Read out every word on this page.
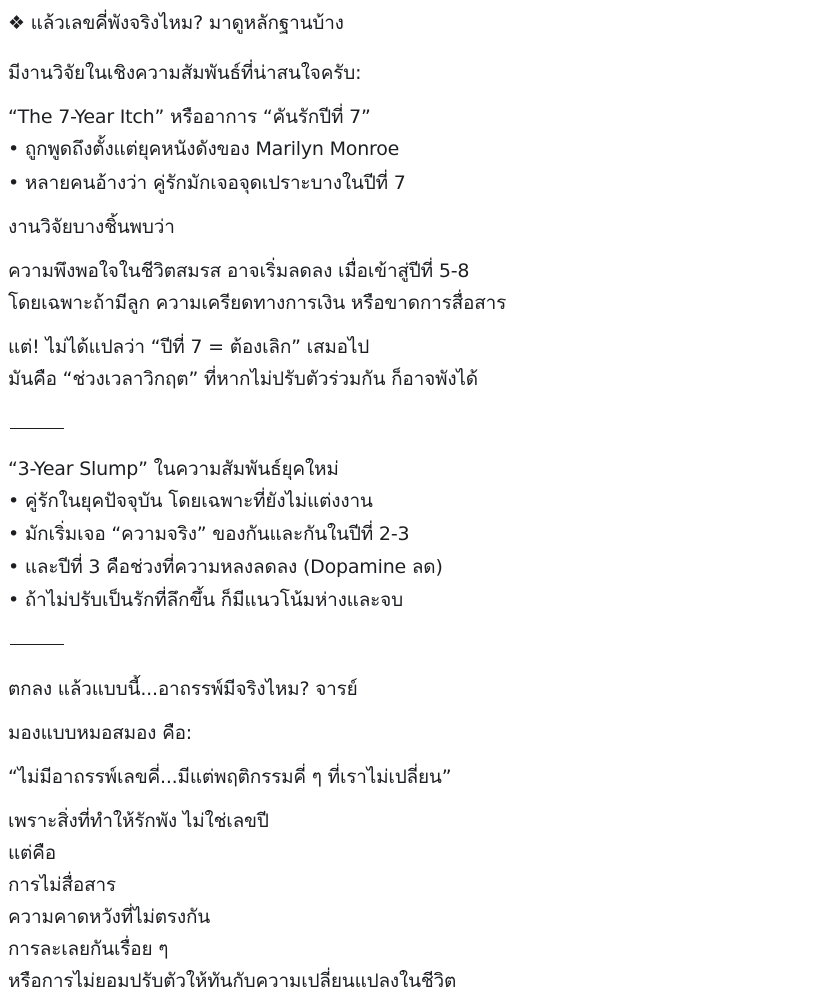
❖ แล้วเลขคี่พังจริงไหม? มาดูหลักฐานบ้าง
มีงานวิจัยในเชิงความสัมพันธ์ที่น่าสนใจครับ:
“The 7-Year Itch” หรืออาการ “คันรักปีที่ 7”
• ถูกพูดถึงตั้งแต่ยุคหนังดังของ Marilyn Monroe
• หลายคนอ้างว่า คู่รักมักเจอจุดเปราะบางในปีที่ 7
งานวิจัยบางชิ้นพบว่า
ความพึงพอใจในชีวิตสมรส อาจเริ่มลดลง เมื่อเข้าสู่ปีที่ 5-8
โดยเฉพาะถ้ามีลูก ความเครียดทางการเงิน หรือขาดการสื่อสาร
แต่! ไม่ได้แปลว่า “ปีที่ 7 = ต้องเลิก” เสมอไป
มันคือ “ช่วงเวลาวิกฤต” ที่หากไม่ปรับตัวร่วมกัน ก็อาจพังได้
“3-Year Slump” ในความสัมพันธ์ยุคใหม่
• คู่รักในยุคปัจจุบัน โดยเฉพาะที่ยังไม่แต่งงาน
• มักเริ่มเจอ “ความจริง” ของกันและกันในปีที่ 2-3
• และปีที่ 3 คือช่วงที่ความหลงลดลง (Dopamine ลด)
• ถ้าไม่ปรับเป็นรักที่ลึกขึ้น ก็มีแนวโน้มห่างและจบ
ตกลง แล้วแบบนี้...อาถรรพ์มีจริงไหม? จารย์
มองแบบหมอสมอง คือ:
“ไม่มีอาถรรพ์เลขคี่...มีแต่พฤติกรรมคี่ ๆ ที่เราไม่เปลี่ยน”
เพราะสิ่งที่ทำให้รักพัง ไม่ใช่เลขปี
แต่คือ
การไม่สื่อสาร
ความคาดหวังที่ไม่ตรงกัน
การละเลยกันเรื่อย ๆ
หรือการไม่ยอมปรับตัวให้ทันกับความเปลี่ยนแปลงในชีวิต
